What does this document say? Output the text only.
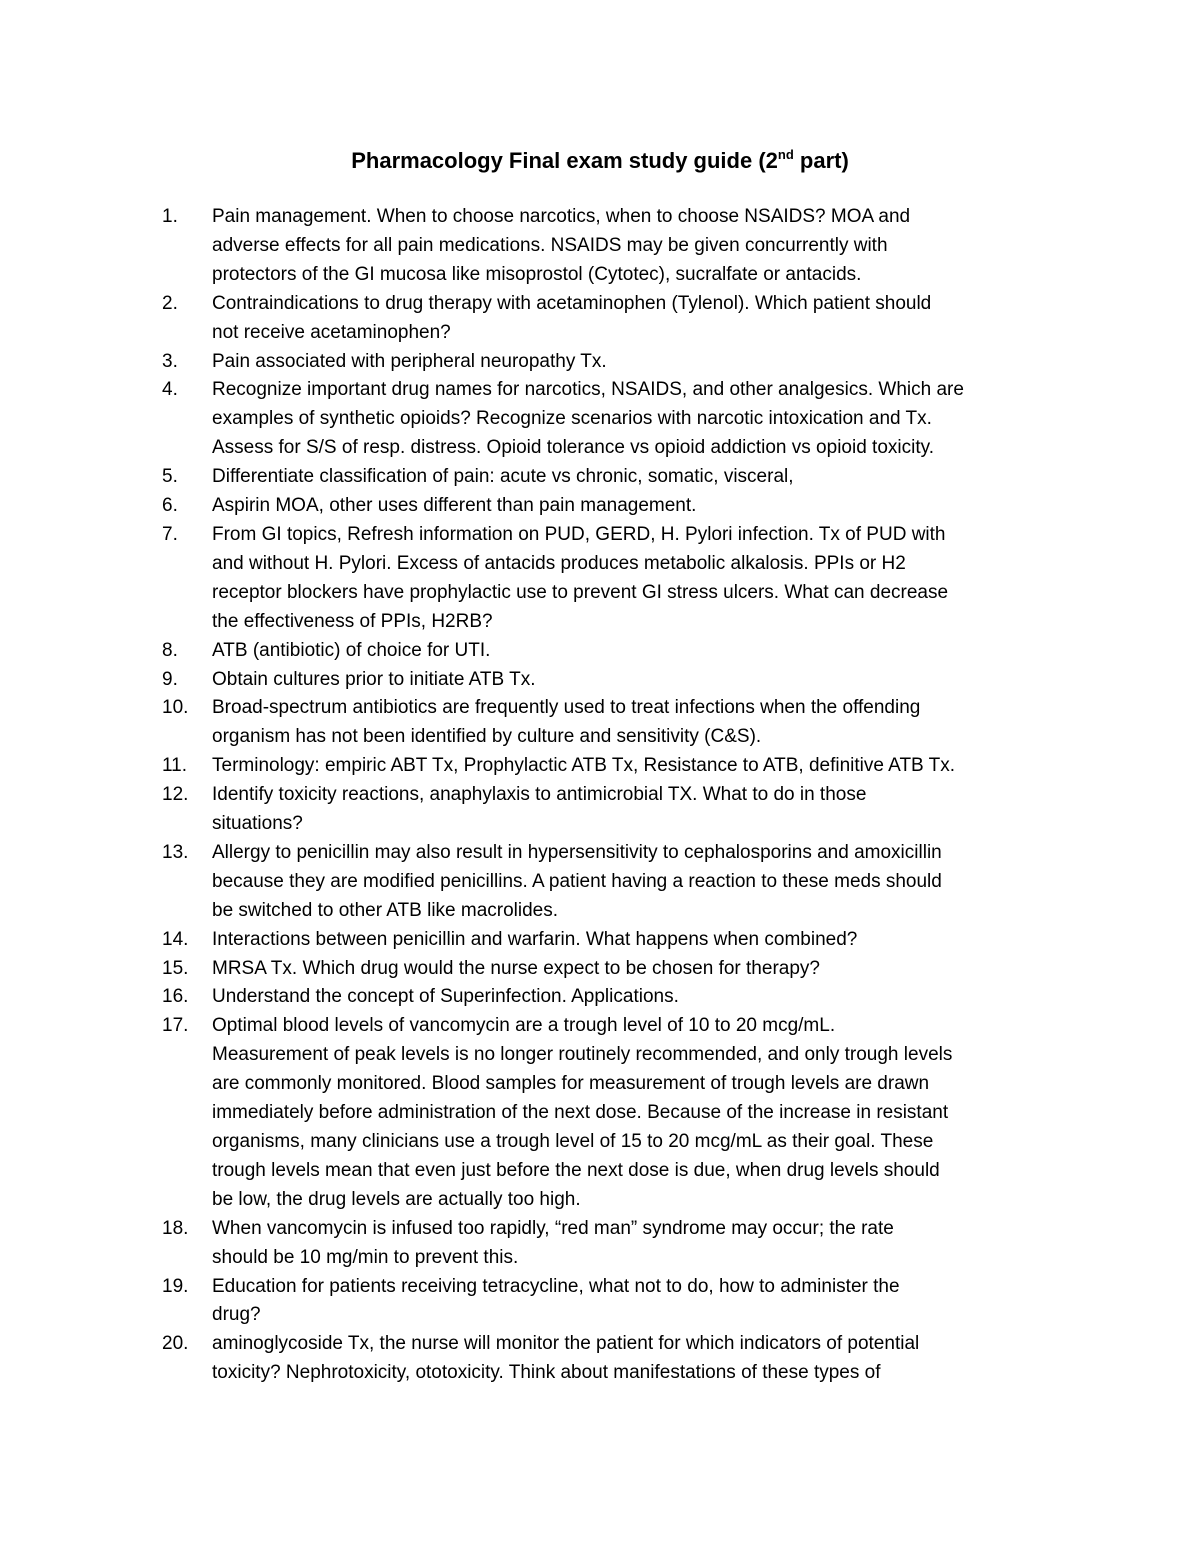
Pharmacology Final exam study guide (2nd part)
1.	Pain management. When to choose narcotics, when to choose NSAIDS? MOA and
adverse effects for all pain medications. NSAIDS may be given concurrently with
protectors of the GI mucosa like misoprostol (Cytotec), sucralfate or antacids.
2.	Contraindications to drug therapy with acetaminophen (Tylenol). Which patient should
not receive acetaminophen?
3.	Pain associated with peripheral neuropathy Tx.
4.	Recognize important drug names for narcotics, NSAIDS, and other analgesics. Which are
examples of synthetic opioids? Recognize scenarios with narcotic intoxication and Tx.
Assess for S/S of resp. distress. Opioid tolerance vs opioid addiction vs opioid toxicity.
5.	Differentiate classification of pain: acute vs chronic, somatic, visceral,
6.	Aspirin MOA, other uses different than pain management.
7.	From GI topics, Refresh information on PUD, GERD, H. Pylori infection. Tx of PUD with
and without H. Pylori. Excess of antacids produces metabolic alkalosis. PPIs or H2
receptor blockers have prophylactic use to prevent GI stress ulcers. What can decrease
the effectiveness of PPIs, H2RB?
8.	ATB (antibiotic) of choice for UTI.
9.	Obtain cultures prior to initiate ATB Tx.
10.	Broad-spectrum antibiotics are frequently used to treat infections when the offending
organism has not been identified by culture and sensitivity (C&S).
11.	Terminology: empiric ABT Tx, Prophylactic ATB Tx, Resistance to ATB, definitive ATB Tx.
12.	Identify toxicity reactions, anaphylaxis to antimicrobial TX. What to do in those
situations?
13.	Allergy to penicillin may also result in hypersensitivity to cephalosporins and amoxicillin
because they are modified penicillins. A patient having a reaction to these meds should
be switched to other ATB like macrolides.
14.	Interactions between penicillin and warfarin. What happens when combined?
15.	MRSA Tx. Which drug would the nurse expect to be chosen for therapy?
16.	Understand the concept of Superinfection. Applications.
17.	Optimal blood levels of vancomycin are a trough level of 10 to 20 mcg/mL.
Measurement of peak levels is no longer routinely recommended, and only trough levels
are commonly monitored. Blood samples for measurement of trough levels are drawn
immediately before administration of the next dose. Because of the increase in resistant
organisms, many clinicians use a trough level of 15 to 20 mcg/mL as their goal. These
trough levels mean that even just before the next dose is due, when drug levels should
be low, the drug levels are actually too high.
18.	When vancomycin is infused too rapidly, “red man” syndrome may occur; the rate
should be 10 mg/min to prevent this.
19.	Education for patients receiving tetracycline, what not to do, how to administer the
drug?
20.	aminoglycoside Tx, the nurse will monitor the patient for which indicators of potential
toxicity? Nephrotoxicity, ototoxicity. Think about manifestations of these types of
